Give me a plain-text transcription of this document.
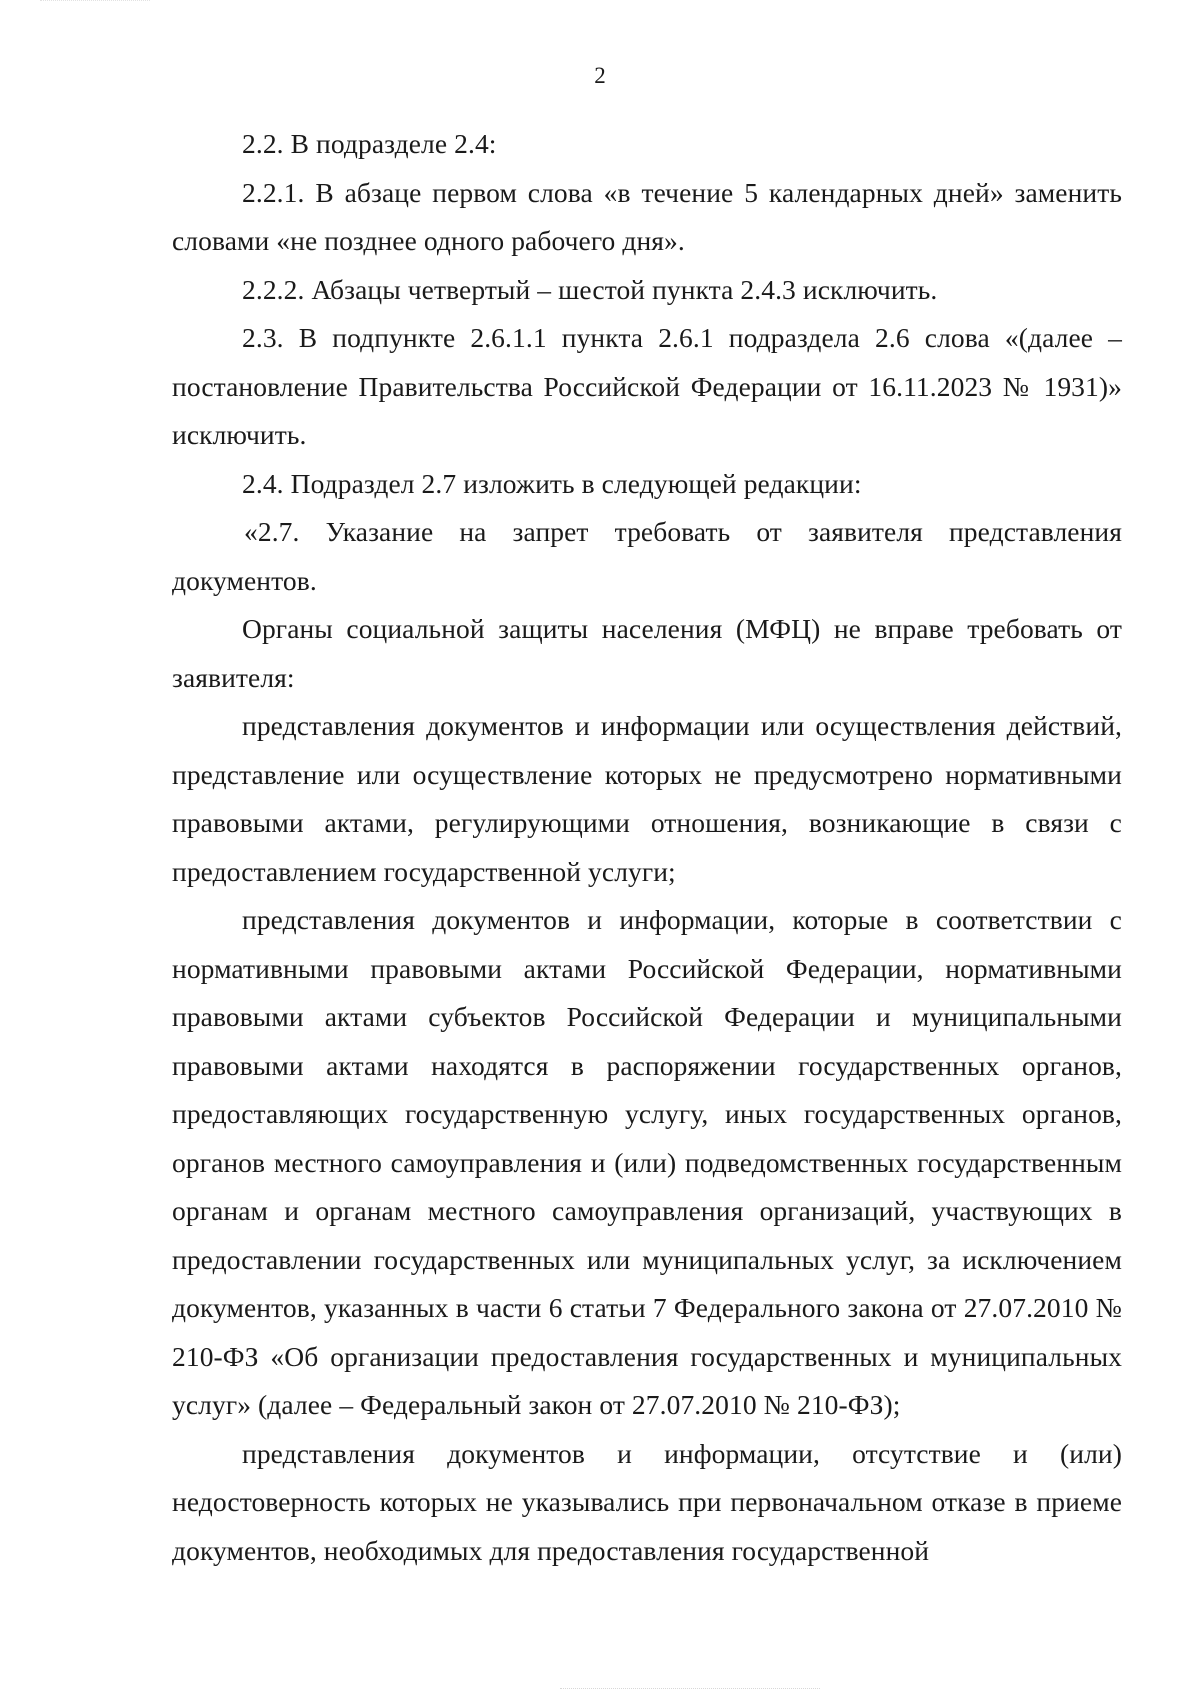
2

2.2. В подразделе 2.4:

2.2.1. В абзаце первом слова «в течение 5 календарных дней» заменить словами «не позднее одного рабочего дня».

2.2.2. Абзацы четвертый – шестой пункта 2.4.3 исключить.

2.3. В подпункте 2.6.1.1 пункта 2.6.1 подраздела 2.6 слова «(далее – постановление Правительства Российской Федерации от 16.11.2023 № 1931)» исключить.

2.4. Подраздел 2.7 изложить в следующей редакции:

«2.7. Указание на запрет требовать от заявителя представления документов.

Органы социальной защиты населения (МФЦ) не вправе требовать от заявителя:

представления документов и информации или осуществления действий, представление или осуществление которых не предусмотрено нормативными правовыми актами, регулирующими отношения, возникающие в связи с предоставлением государственной услуги;

представления документов и информации, которые в соответствии с нормативными правовыми актами Российской Федерации, нормативными правовыми актами субъектов Российской Федерации и муниципальными правовыми актами находятся в распоряжении государственных органов, предоставляющих государственную услугу, иных государственных органов, органов местного самоуправления и (или) подведомственных государственным органам и органам местного самоуправления организаций, участвующих в предоставлении государственных или муниципальных услуг, за исключением документов, указанных в части 6 статьи 7 Федерального закона от 27.07.2010 № 210-ФЗ «Об организации предоставления государственных и муниципальных услуг» (далее – Федеральный закон от 27.07.2010 № 210-ФЗ);

представления документов и информации, отсутствие и (или) недостоверность которых не указывались при первоначальном отказе в приеме документов, необходимых для предоставления государственной
